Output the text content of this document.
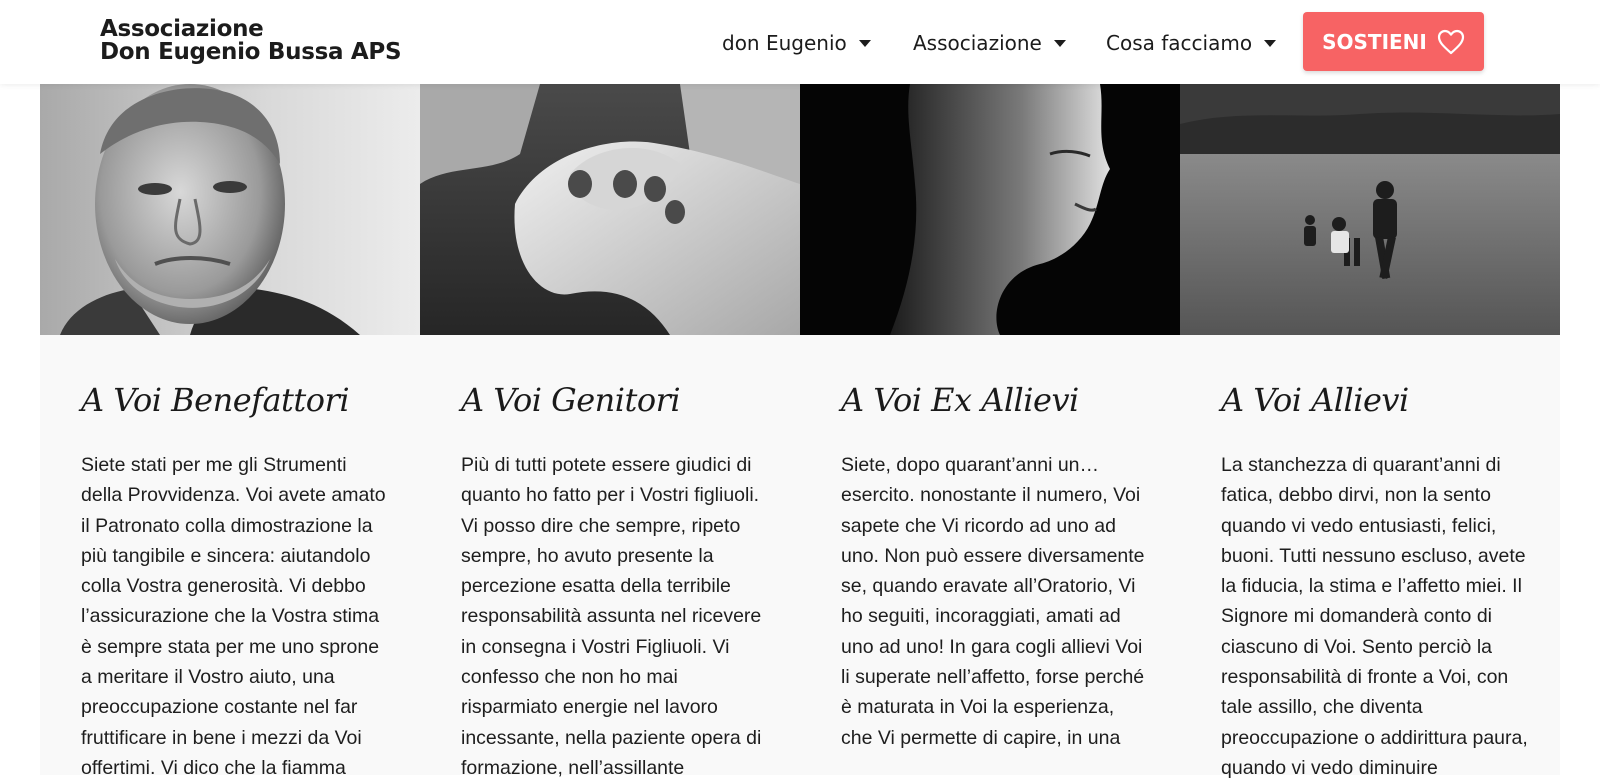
Associazione
Don Eugenio Bussa APS	don Eugenio	Associazione	Cosa facciamo	SOSTIENI
A Voi Benefattori

Siete stati per me gli Strumenti della Provvidenza. Voi avete amato il Patronato colla dimostrazione la più tangibile e sincera: aiutandolo colla Vostra generosità. Vi debbo l’assicurazione che la Vostra stima è sempre stata per me uno sprone a meritare il Vostro aiuto, una preoccupazione costante nel far fruttificare in bene i mezzi da Voi offertimi. Vi dico che la fiamma

A Voi Genitori

Più di tutti potete essere giudici di quanto ho fatto per i Vostri figliuoli. Vi posso dire che sempre, ripeto sempre, ho avuto presente la percezione esatta della terribile responsabilità assunta nel ricevere in consegna i Vostri Figliuoli. Vi confesso che non ho mai risparmiato energie nel lavoro incessante, nella paziente opera di formazione, nell’assillante

A Voi Ex Allievi

Siete, dopo quarant’anni un…esercito. nonostante il numero, Voi sapete che Vi ricordo ad uno ad uno. Non può essere diversamente se, quando eravate all’Oratorio, Vi ho seguiti, incoraggiati, amati ad uno ad uno! In gara cogli allievi Voi li superate nell’affetto, forse perché è maturata in Voi la esperienza, che Vi permette di capire, in una

A Voi Allievi

La stanchezza di quarant’anni di fatica, debbo dirvi, non la sento quando vi vedo entusiasti, felici, buoni. Tutti nessuno escluso, avete la fiducia, la stima e l’affetto miei. Il Signore mi domanderà conto di ciascuno di Voi. Sento perciò la responsabilità di fronte a Voi, con tale assillo, che diventa preoccupazione o addirittura paura, quando vi vedo diminuire
